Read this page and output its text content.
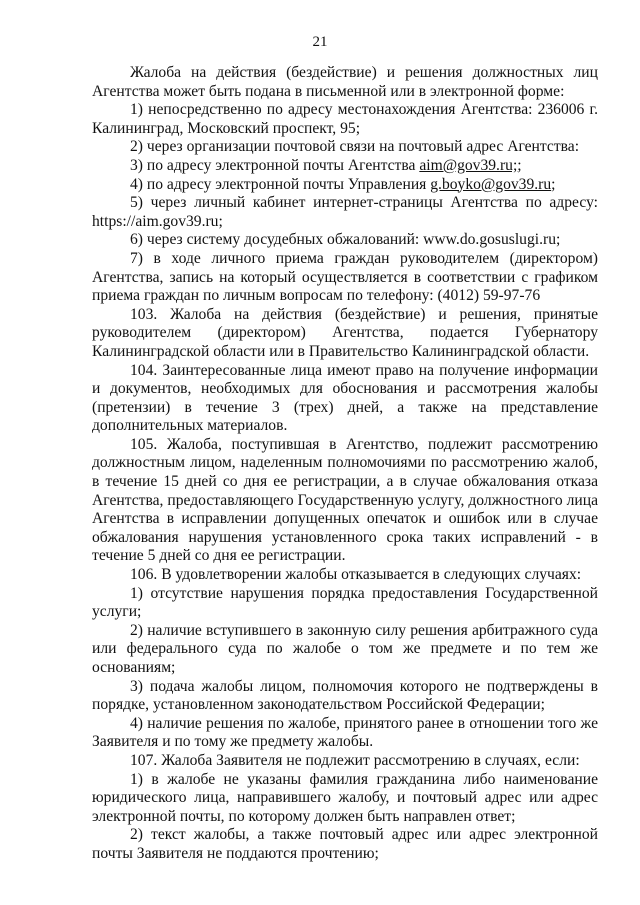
21

Жалоба на действия (бездействие) и решения должностных лиц Агентства может быть подана в письменной или в электронной форме:

1) непосредственно по адресу местонахождения Агентства: 236006 г. Калининград, Московский проспект, 95;

2) через организации почтовой связи на почтовый адрес Агентства:

3) по адресу электронной почты Агентства aim@gov39.ru;;

4) по адресу электронной почты Управления g.boyko@gov39.ru;

5) через личный кабинет интернет-страницы Агентства по адресу: https://aim.gov39.ru;

6) через систему досудебных обжалований: www.do.gosuslugi.ru;

7) в ходе личного приема граждан руководителем (директором) Агентства, запись на который осуществляется в соответствии с графиком приема граждан по личным вопросам по телефону: (4012) 59-97-76

103. Жалоба на действия (бездействие) и решения, принятые руководителем (директором) Агентства, подается Губернатору Калининградской области или в Правительство Калининградской области.

104. Заинтересованные лица имеют право на получение информации и документов, необходимых для обоснования и рассмотрения жалобы (претензии) в течение 3 (трех) дней, а также на представление дополнительных материалов.

105. Жалоба, поступившая в Агентство, подлежит рассмотрению должностным лицом, наделенным полномочиями по рассмотрению жалоб, в течение 15 дней со дня ее регистрации, а в случае обжалования отказа Агентства, предоставляющего Государственную услугу, должностного лица Агентства в исправлении допущенных опечаток и ошибок или в случае обжалования нарушения установленного срока таких исправлений - в течение 5 дней со дня ее регистрации.

106. В удовлетворении жалобы отказывается в следующих случаях:

1) отсутствие нарушения порядка предоставления Государственной услуги;

2) наличие вступившего в законную силу решения арбитражного суда или федерального суда по жалобе о том же предмете и по тем же основаниям;

3) подача жалобы лицом, полномочия которого не подтверждены в порядке, установленном законодательством Российской Федерации;

4) наличие решения по жалобе, принятого ранее в отношении того же Заявителя и по тому же предмету жалобы.

107. Жалоба Заявителя не подлежит рассмотрению в случаях, если:

1) в жалобе не указаны фамилия гражданина либо наименование юридического лица, направившего жалобу, и почтовый адрес или адрес электронной почты, по которому должен быть направлен ответ;

2) текст жалобы, а также почтовый адрес или адрес электронной почты Заявителя не поддаются прочтению;
